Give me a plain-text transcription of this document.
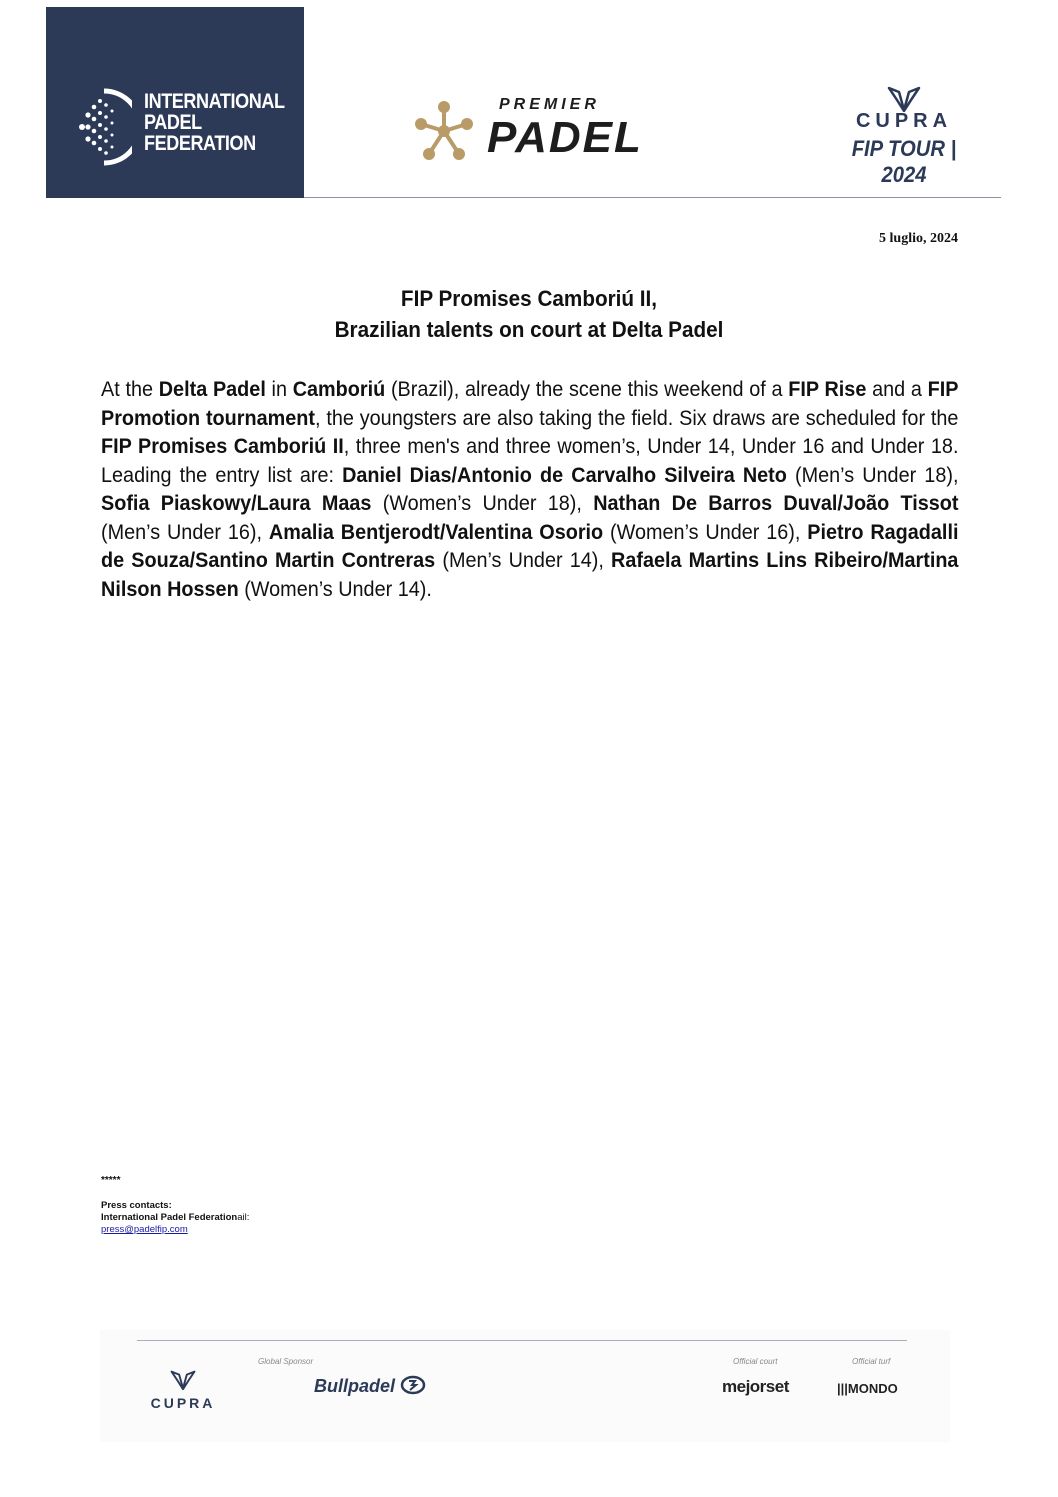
INTERNATIONAL
PADEL
FEDERATION
PREMIER
PADEL	CUPRA
FIP TOUR | 2024
5 luglio, 2024
FIP Promises Camboriú II,
Brazilian talents on court at Delta Padel
At the Delta Padel in Camboriú (Brazil), already the scene this weekend of a FIP Rise and a FIP Promotion tournament, the youngsters are also taking the field. Six draws are scheduled for the FIP Promises Camboriú II, three men's and three women’s, Under 14, Under 16 and Under 18. Leading the entry list are: Daniel Dias/Antonio de Carvalho Silveira Neto (Men’s Under 18), Sofia Piaskowy/Laura Maas (Women’s Under 18), Nathan De Barros Duval/João Tissot (Men’s Under 16), Amalia Bentjerodt/Valentina Osorio (Women’s Under 16), Pietro Ragadalli de Souza/Santino Martin Contreras (Men’s Under 14), Rafaela Martins Lins Ribeiro/Martina Nilson Hossen (Women’s Under 14).
*****
Press contacts:
International Padel Federationail:
press@padelfip.com
Global Sponsor	Official court	Official turf
CUPRA
Bullpadel	mejorset	|||MONDO
